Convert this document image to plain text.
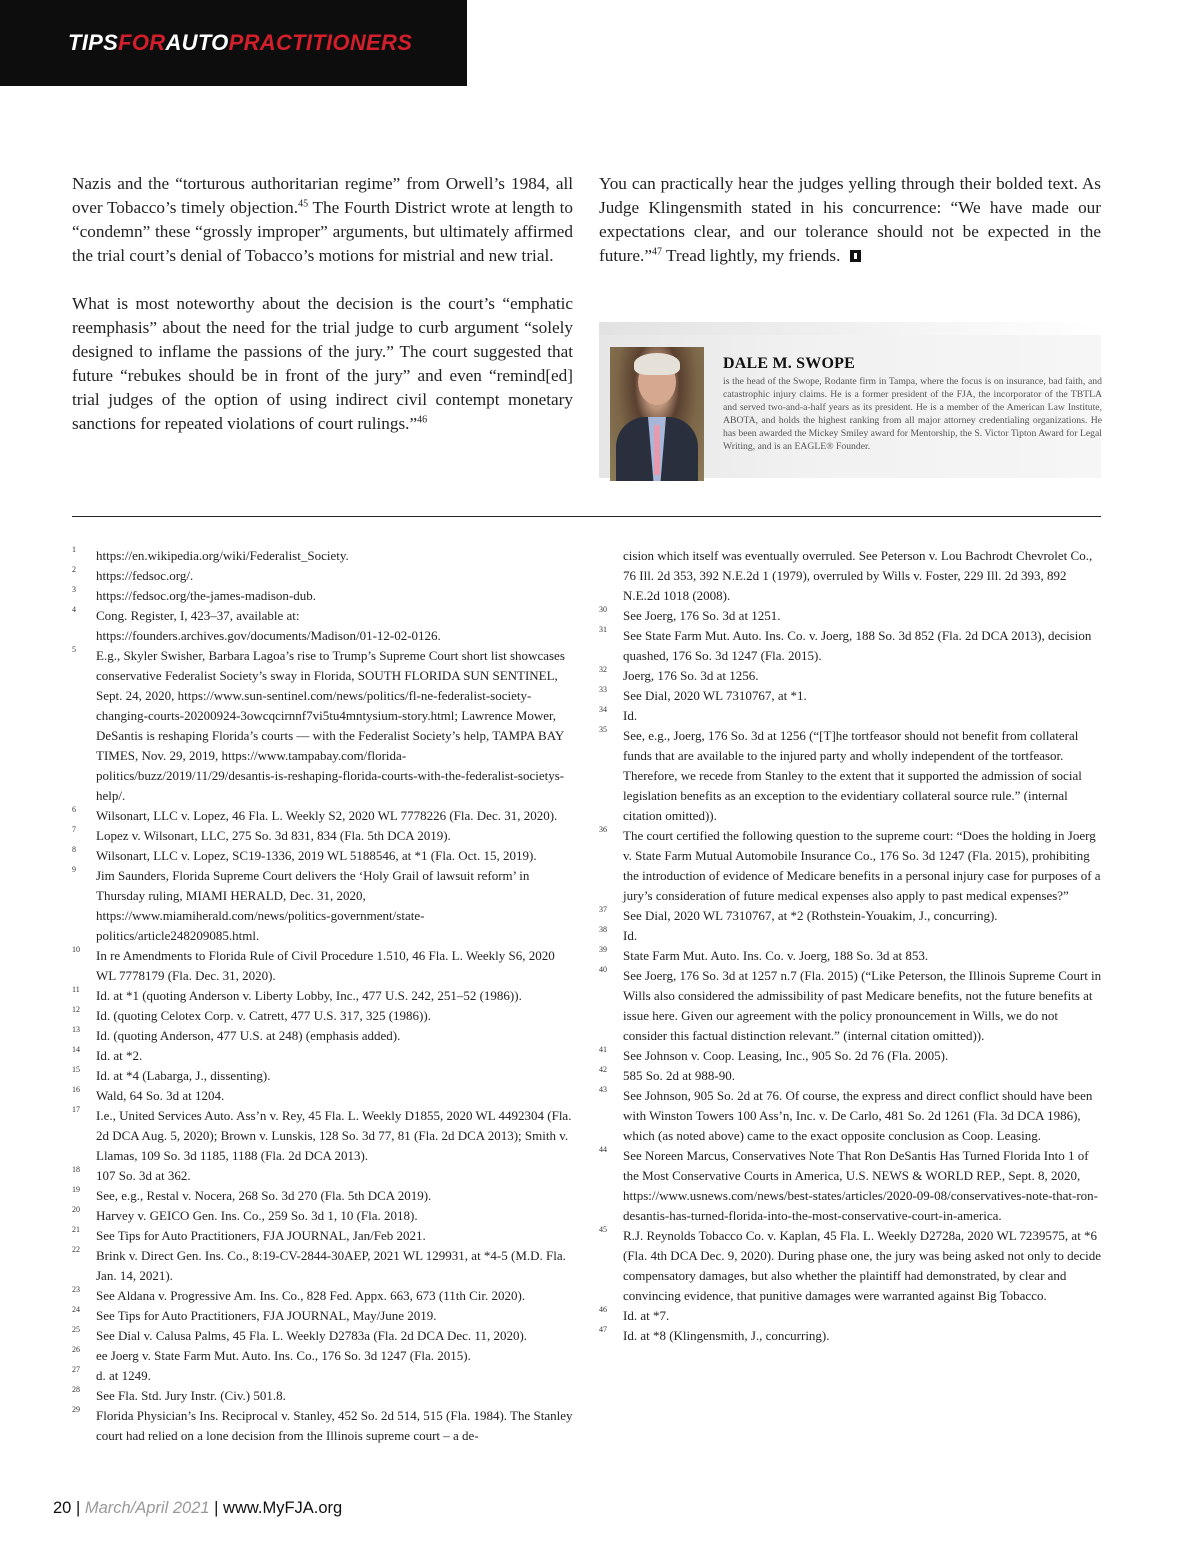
TIPSFORAUTOPRACTITIONERS

Nazis and the “torturous authoritarian regime” from Orwell’s 1984, all over Tobacco’s timely objection.$^{45}$ The Fourth District wrote at length to “condemn” these “grossly improper” arguments, but ultimately affirmed the trial court’s denial of Tobacco’s motions for mistrial and new trial.

What is most noteworthy about the decision is the court’s “emphatic reemphasis” about the need for the trial judge to curb argument “solely designed to inflame the passions of the jury.” The court suggested that future “rebukes should be in front of the jury” and even “remind[ed] trial judges of the option of using indirect civil contempt monetary sanctions for repeated violations of court rulings.”$^{46}$

You can practically hear the judges yelling through their bolded text. As Judge Klingensmith stated in his concurrence: “We have made our expectations clear, and our tolerance should not be expected in the future.”$^{47}$ Tread lightly, my friends.

DALE M. SWOPE
is the head of the Swope, Rodante firm in Tampa, where the focus is on insurance, bad faith, and catastrophic injury claims. He is a former president of the FJA, the incorporator of the TBTLA and served two-and-a-half years as its president. He is a member of the American Law Institute, ABOTA, and holds the highest ranking from all major attorney credentialing organizations. He has been awarded the Mickey Smiley award for Mentorship, the S. Victor Tipton Award for Legal Writing, and is an EAGLE® Founder.
1 https://en.wikipedia.org/wiki/Federalist_Society.
2 https://fedsoc.org/.
3 https://fedsoc.org/the-james-madison-dub.
4 Cong. Register, I, 423–37, available at: https://founders.archives.gov/documents/Madison/01-12-02-0126.
5 E.g., Skyler Swisher, Barbara Lagoa’s rise to Trump’s Supreme Court short list showcases conservative Federalist Society’s sway in Florida, SOUTH FLORIDA SUN SENTINEL, Sept. 24, 2020, https://www.sun-sentinel.com/news/politics/fl-ne-federalist-society-changing-courts-20200924-3owcqcirnnf7vi5tu4mntysium-story.html; Lawrence Mower, DeSantis is reshaping Florida’s courts — with the Federalist Society’s help, TAMPA BAY TIMES, Nov. 29, 2019, https://www.tampabay.com/florida-politics/buzz/2019/11/29/desantis-is-reshaping-florida-courts-with-the-federalist-societys-help/.
6 Wilsonart, LLC v. Lopez, 46 Fla. L. Weekly S2, 2020 WL 7778226 (Fla. Dec. 31, 2020).
7 Lopez v. Wilsonart, LLC, 275 So. 3d 831, 834 (Fla. 5th DCA 2019).
8 Wilsonart, LLC v. Lopez, SC19-1336, 2019 WL 5188546, at *1 (Fla. Oct. 15, 2019).
9 Jim Saunders, Florida Supreme Court delivers the ‘Holy Grail of lawsuit reform’ in Thursday ruling, MIAMI HERALD, Dec. 31, 2020, https://www.miamiherald.com/news/politics-government/state-politics/article248209085.html.
10 In re Amendments to Florida Rule of Civil Procedure 1.510, 46 Fla. L. Weekly S6, 2020 WL 7778179 (Fla. Dec. 31, 2020).
11 Id. at *1 (quoting Anderson v. Liberty Lobby, Inc., 477 U.S. 242, 251–52 (1986)).
12 Id. (quoting Celotex Corp. v. Catrett, 477 U.S. 317, 325 (1986)).
13 Id. (quoting Anderson, 477 U.S. at 248) (emphasis added).
14 Id. at *2.
15 Id. at *4 (Labarga, J., dissenting).
16 Wald, 64 So. 3d at 1204.
17 I.e., United Services Auto. Ass’n v. Rey, 45 Fla. L. Weekly D1855, 2020 WL 4492304 (Fla. 2d DCA Aug. 5, 2020); Brown v. Lunskis, 128 So. 3d 77, 81 (Fla. 2d DCA 2013); Smith v. Llamas, 109 So. 3d 1185, 1188 (Fla. 2d DCA 2013).
18 107 So. 3d at 362.
19 See, e.g., Restal v. Nocera, 268 So. 3d 270 (Fla. 5th DCA 2019).
20 Harvey v. GEICO Gen. Ins. Co., 259 So. 3d 1, 10 (Fla. 2018).
21 See Tips for Auto Practitioners, FJA JOURNAL, Jan/Feb 2021.
22 Brink v. Direct Gen. Ins. Co., 8:19-CV-2844-30AEP, 2021 WL 129931, at *4-5 (M.D. Fla. Jan. 14, 2021).
23 See Aldana v. Progressive Am. Ins. Co., 828 Fed. Appx. 663, 673 (11th Cir. 2020).
24 See Tips for Auto Practitioners, FJA JOURNAL, May/June 2019.
25 See Dial v. Calusa Palms, 45 Fla. L. Weekly D2783a (Fla. 2d DCA Dec. 11, 2020).
26 ee Joerg v. State Farm Mut. Auto. Ins. Co., 176 So. 3d 1247 (Fla. 2015).
27 d. at 1249.
28 See Fla. Std. Jury Instr. (Civ.) 501.8.
29 Florida Physician’s Ins. Reciprocal v. Stanley, 452 So. 2d 514, 515 (Fla. 1984). The Stanley court had relied on a lone decision from the Illinois supreme court – a de-
cision which itself was eventually overruled. See Peterson v. Lou Bachrodt Chevrolet Co., 76 Ill. 2d 353, 392 N.E.2d 1 (1979), overruled by Wills v. Foster, 229 Ill. 2d 393, 892 N.E.2d 1018 (2008).
30 See Joerg, 176 So. 3d at 1251.
31 See State Farm Mut. Auto. Ins. Co. v. Joerg, 188 So. 3d 852 (Fla. 2d DCA 2013), decision quashed, 176 So. 3d 1247 (Fla. 2015).
32 Joerg, 176 So. 3d at 1256.
33 See Dial, 2020 WL 7310767, at *1.
34 Id.
35 See, e.g., Joerg, 176 So. 3d at 1256 (“[T]he tortfeasor should not benefit from collateral funds that are available to the injured party and wholly independent of the tortfeasor. Therefore, we recede from Stanley to the extent that it supported the admission of social legislation benefits as an exception to the evidentiary collateral source rule.” (internal citation omitted)).
36 The court certified the following question to the supreme court: “Does the holding in Joerg v. State Farm Mutual Automobile Insurance Co., 176 So. 3d 1247 (Fla. 2015), prohibiting the introduction of evidence of Medicare benefits in a personal injury case for purposes of a jury’s consideration of future medical expenses also apply to past medical expenses?”
37 See Dial, 2020 WL 7310767, at *2 (Rothstein-Youakim, J., concurring).
38 Id.
39 State Farm Mut. Auto. Ins. Co. v. Joerg, 188 So. 3d at 853.
40 See Joerg, 176 So. 3d at 1257 n.7 (Fla. 2015) (“Like Peterson, the Illinois Supreme Court in Wills also considered the admissibility of past Medicare benefits, not the future benefits at issue here. Given our agreement with the policy pronouncement in Wills, we do not consider this factual distinction relevant.” (internal citation omitted)).
41 See Johnson v. Coop. Leasing, Inc., 905 So. 2d 76 (Fla. 2005).
42 585 So. 2d at 988-90.
43 See Johnson, 905 So. 2d at 76. Of course, the express and direct conflict should have been with Winston Towers 100 Ass’n, Inc. v. De Carlo, 481 So. 2d 1261 (Fla. 3d DCA 1986), which (as noted above) came to the exact opposite conclusion as Coop. Leasing.
44 See Noreen Marcus, Conservatives Note That Ron DeSantis Has Turned Florida Into 1 of the Most Conservative Courts in America, U.S. NEWS & WORLD REP., Sept. 8, 2020, https://www.usnews.com/news/best-states/articles/2020-09-08/conservatives-note-that-ron-desantis-has-turned-florida-into-the-most-conservative-court-in-america.
45 R.J. Reynolds Tobacco Co. v. Kaplan, 45 Fla. L. Weekly D2728a, 2020 WL 7239575, at *6 (Fla. 4th DCA Dec. 9, 2020). During phase one, the jury was being asked not only to decide compensatory damages, but also whether the plaintiff had demonstrated, by clear and convincing evidence, that punitive damages were warranted against Big Tobacco.
46 Id. at *7.
47 Id. at *8 (Klingensmith, J., concurring).
20 | March/April 2021 | www.MyFJA.org
